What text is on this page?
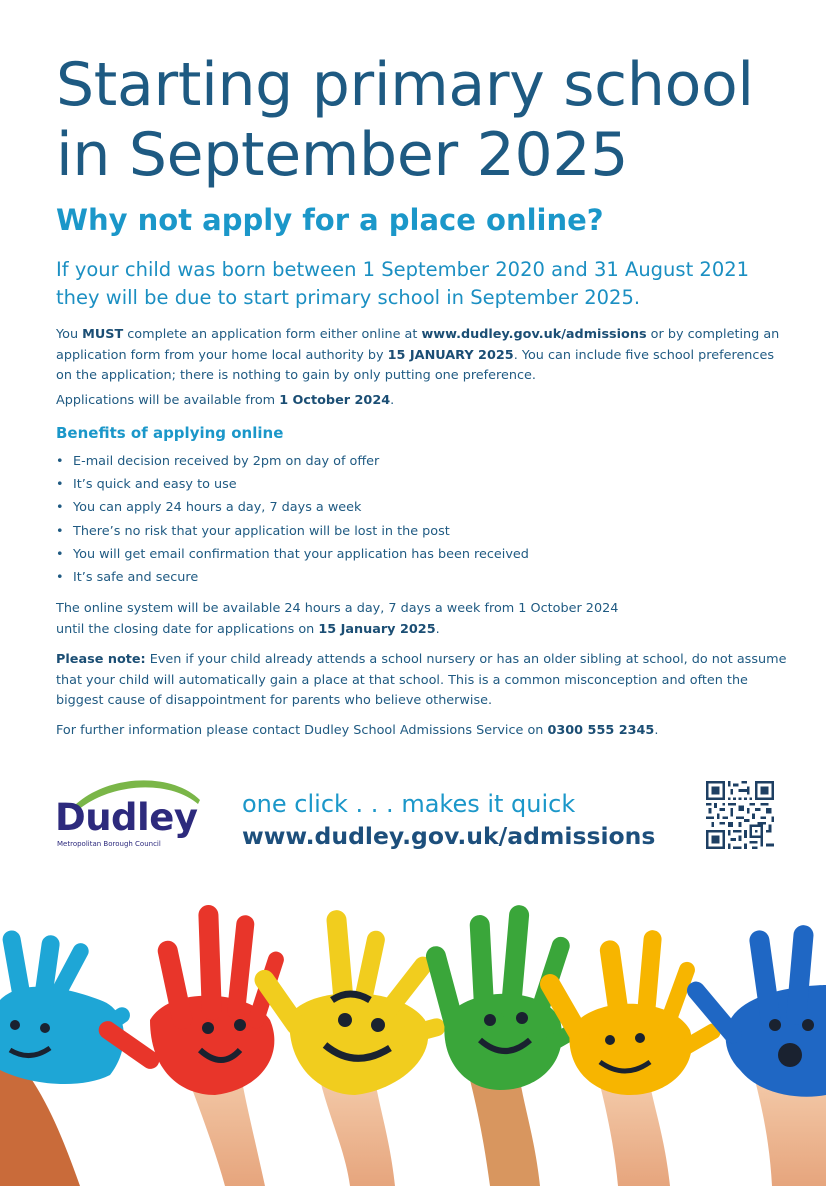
Starting primary school in September 2025
Why not apply for a place online?

If your child was born between 1 September 2020 and 31 August 2021 they will be due to start primary school in September 2025.

You MUST complete an application form either online at www.dudley.gov.uk/admissions or by completing an application form from your home local authority by 15 JANUARY 2025. You can include five school preferences on the application; there is nothing to gain by only putting one preference.

Applications will be available from 1 October 2024.

Benefits of applying online
• E-mail decision received by 2pm on day of offer
• It’s quick and easy to use
• You can apply 24 hours a day, 7 days a week
• There’s no risk that your application will be lost in the post
• You will get email confirmation that your application has been received
• It’s safe and secure

The online system will be available 24 hours a day, 7 days a week from 1 October 2024
until the closing date for applications on 15 January 2025.

Please note: Even if your child already attends a school nursery or has an older sibling at school, do not assume that your child will automatically gain a place at that school. This is a common misconception and often the biggest cause of disappointment for parents who believe otherwise.

For further information please contact Dudley School Admissions Service on 0300 555 2345.

Dudley
Metropolitan Borough Council

one click . . . makes it quick

www.dudley.gov.uk/admissions
